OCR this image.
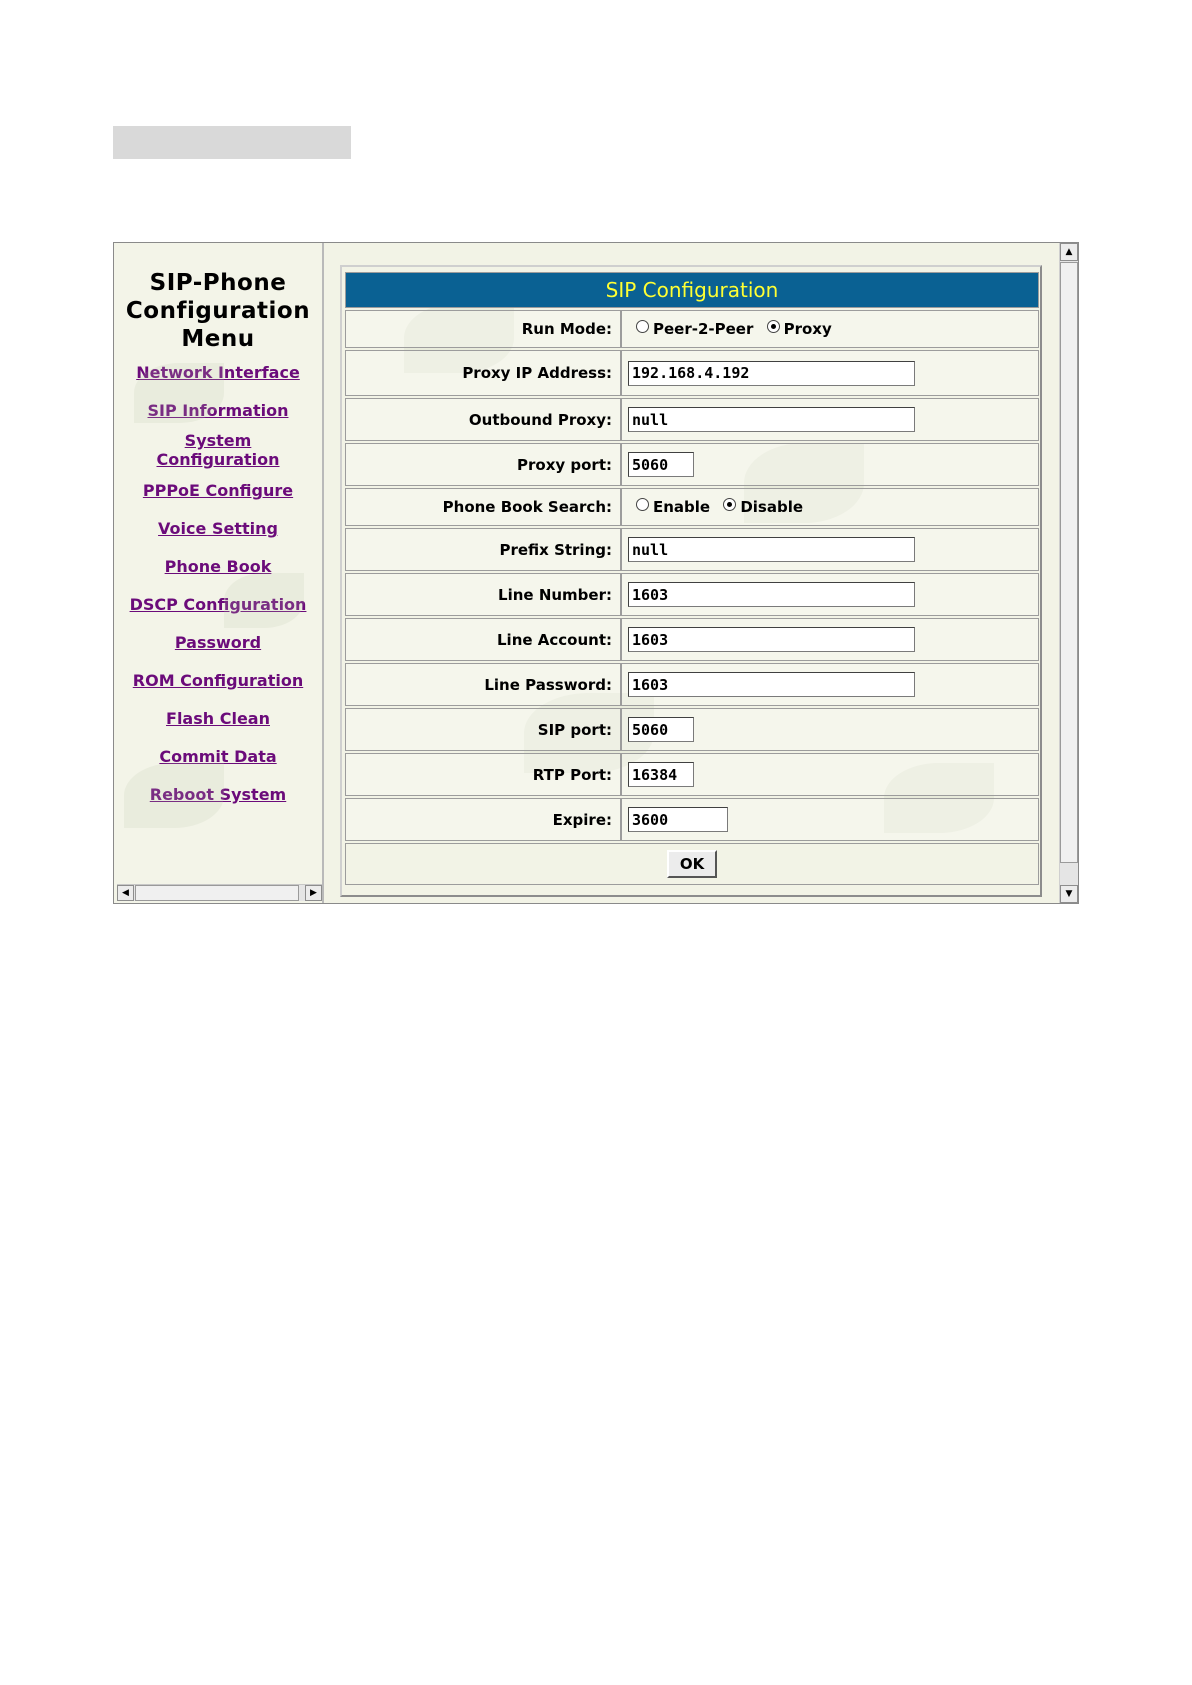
SIP-Phone
Configuration
Menu
Network Interface
SIP Information
System
Configuration
PPPoE Configure
Voice Setting
Phone Book
DSCP Configuration
Password
ROM Configuration
Flash Clean
Commit Data
Reboot System
◀	▶
SIP Configuration	
Run Mode:	Peer-2-Peer Proxy
Proxy IP Address:	192.168.4.192
Outbound Proxy:	null
Proxy port:	5060
Phone Book Search:	Enable Disable
Prefix String:	null
Line Number:	1603
Line Account:	1603
Line Password:	1603
SIP port:	5060
RTP Port:	16384
Expire:	3600
OK	
▲
▼
